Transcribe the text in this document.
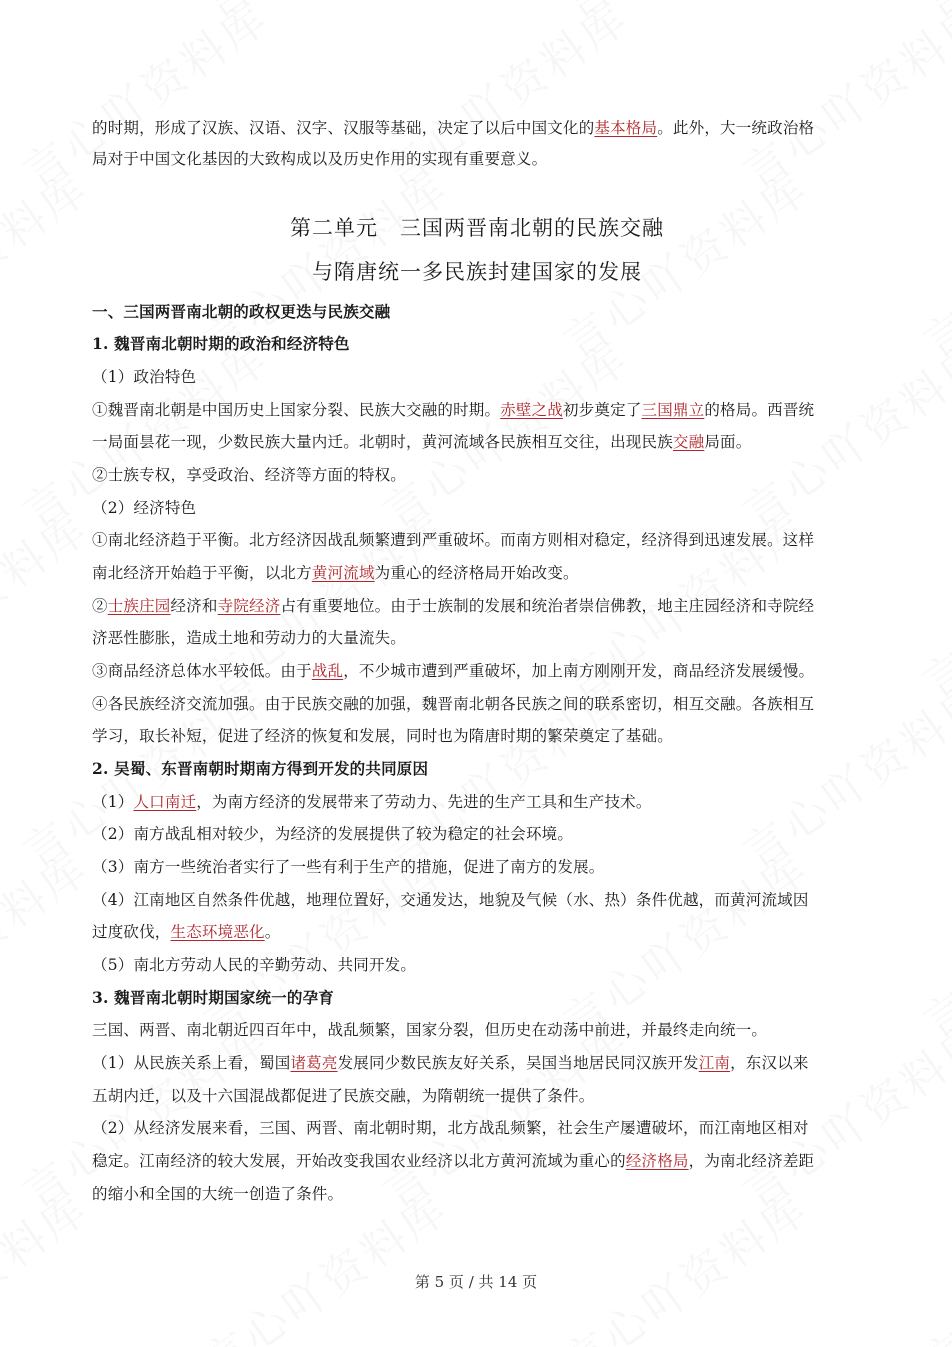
的时期，形成了汉族、汉语、汉字、汉服等基础，决定了以后中国文化的基本格局。此外，大一统政治格
局对于中国文化基因的大致构成以及历史作用的实现有重要意义。
第二单元　三国两晋南北朝的民族交融
与隋唐统一多民族封建国家的发展
一、三国两晋南北朝的政权更迭与民族交融
1. 魏晋南北朝时期的政治和经济特色
（1）政治特色
①魏晋南北朝是中国历史上国家分裂、民族大交融的时期。赤壁之战初步奠定了三国鼎立的格局。西晋统
一局面昙花一现，少数民族大量内迁。北朝时，黄河流域各民族相互交往，出现民族交融局面。
②士族专权，享受政治、经济等方面的特权。
（2）经济特色
①南北经济趋于平衡。北方经济因战乱频繁遭到严重破坏。而南方则相对稳定，经济得到迅速发展。这样
南北经济开始趋于平衡，以北方黄河流域为重心的经济格局开始改变。
②士族庄园经济和寺院经济占有重要地位。由于士族制的发展和统治者崇信佛教，地主庄园经济和寺院经
济恶性膨胀，造成土地和劳动力的大量流失。
③商品经济总体水平较低。由于战乱，不少城市遭到严重破坏，加上南方刚刚开发，商品经济发展缓慢。
④各民族经济交流加强。由于民族交融的加强，魏晋南北朝各民族之间的联系密切，相互交融。各族相互
学习，取长补短，促进了经济的恢复和发展，同时也为隋唐时期的繁荣奠定了基础。
2. 吴蜀、东晋南朝时期南方得到开发的共同原因
（1）人口南迁，为南方经济的发展带来了劳动力、先进的生产工具和生产技术。
（2）南方战乱相对较少，为经济的发展提供了较为稳定的社会环境。
（3）南方一些统治者实行了一些有利于生产的措施，促进了南方的发展。
（4）江南地区自然条件优越，地理位置好，交通发达，地貌及气候（水、热）条件优越，而黄河流域因
过度砍伐，生态环境恶化。
（5）南北方劳动人民的辛勤劳动、共同开发。
3. 魏晋南北朝时期国家统一的孕育
三国、两晋、南北朝近四百年中，战乱频繁，国家分裂，但历史在动荡中前进，并最终走向统一。
（1）从民族关系上看，蜀国诸葛亮发展同少数民族友好关系，吴国当地居民同汉族开发江南，东汉以来
五胡内迁，以及十六国混战都促进了民族交融，为隋朝统一提供了条件。
（2）从经济发展来看，三国、两晋、南北朝时期，北方战乱频繁，社会生产屡遭破坏，而江南地区相对
稳定。江南经济的较大发展，开始改变我国农业经济以北方黄河流域为重心的经济格局，为南北经济差距
的缩小和全国的大统一创造了条件。
第 5 页 / 共 14 页
